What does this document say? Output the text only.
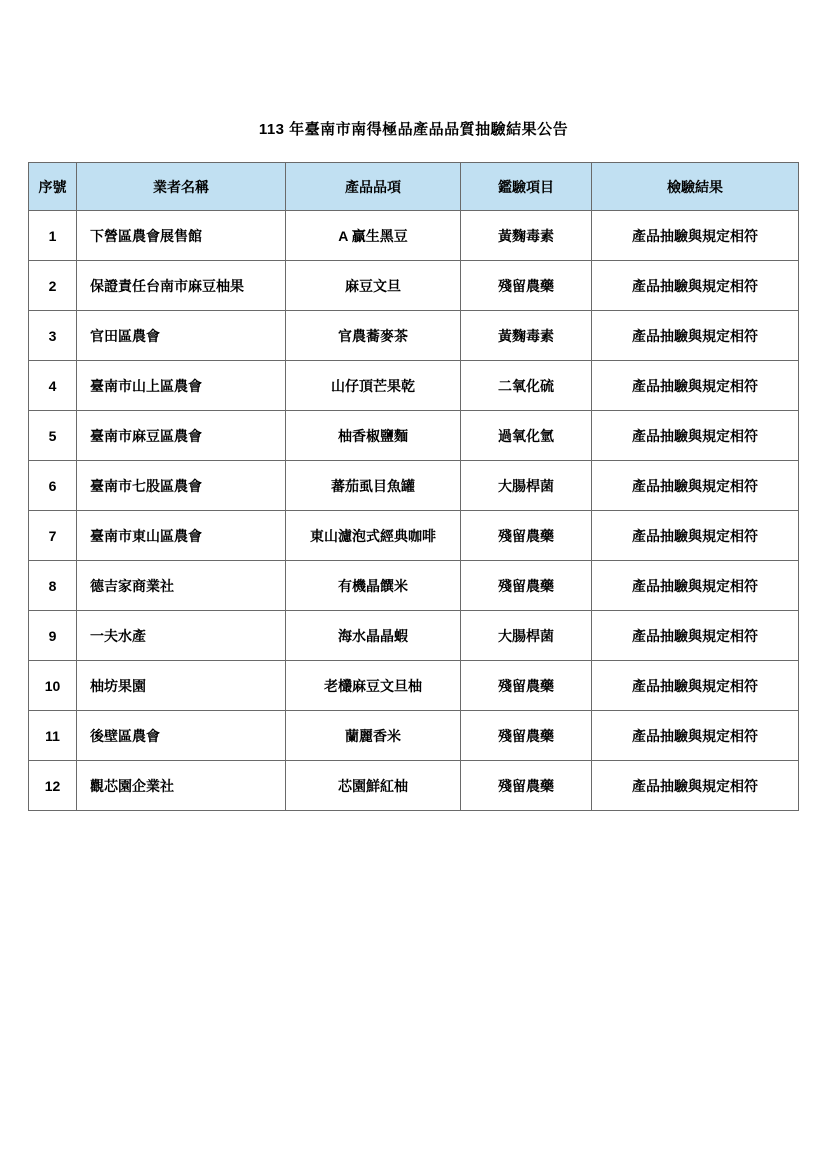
113 年臺南市南得極品產品品質抽驗結果公告
序號	業者名稱	產品品項	鑑驗項目	檢驗結果
1	下營區農會展售館	A 贏生黑豆	黃麴毒素	產品抽驗與規定相符
2	保證責任台南市麻豆柚果	麻豆文旦	殘留農藥	產品抽驗與規定相符
3	官田區農會	官農蕎麥茶	黃麴毒素	產品抽驗與規定相符
4	臺南市山上區農會	山仔頂芒果乾	二氧化硫	產品抽驗與規定相符
5	臺南市麻豆區農會	柚香椒鹽麵	過氧化氫	產品抽驗與規定相符
6	臺南市七股區農會	蕃茄虱目魚罐	大腸桿菌	產品抽驗與規定相符
7	臺南市東山區農會	東山濾泡式經典咖啡	殘留農藥	產品抽驗與規定相符
8	德吉家商業社	有機晶饌米	殘留農藥	產品抽驗與規定相符
9	一夫水產	海水晶晶蝦	大腸桿菌	產品抽驗與規定相符
10	柚坊果園	老欉麻豆文旦柚	殘留農藥	產品抽驗與規定相符
11	後壁區農會	蘭麗香米	殘留農藥	產品抽驗與規定相符
12	觀芯園企業社	芯園鮮紅柚	殘留農藥	產品抽驗與規定相符
